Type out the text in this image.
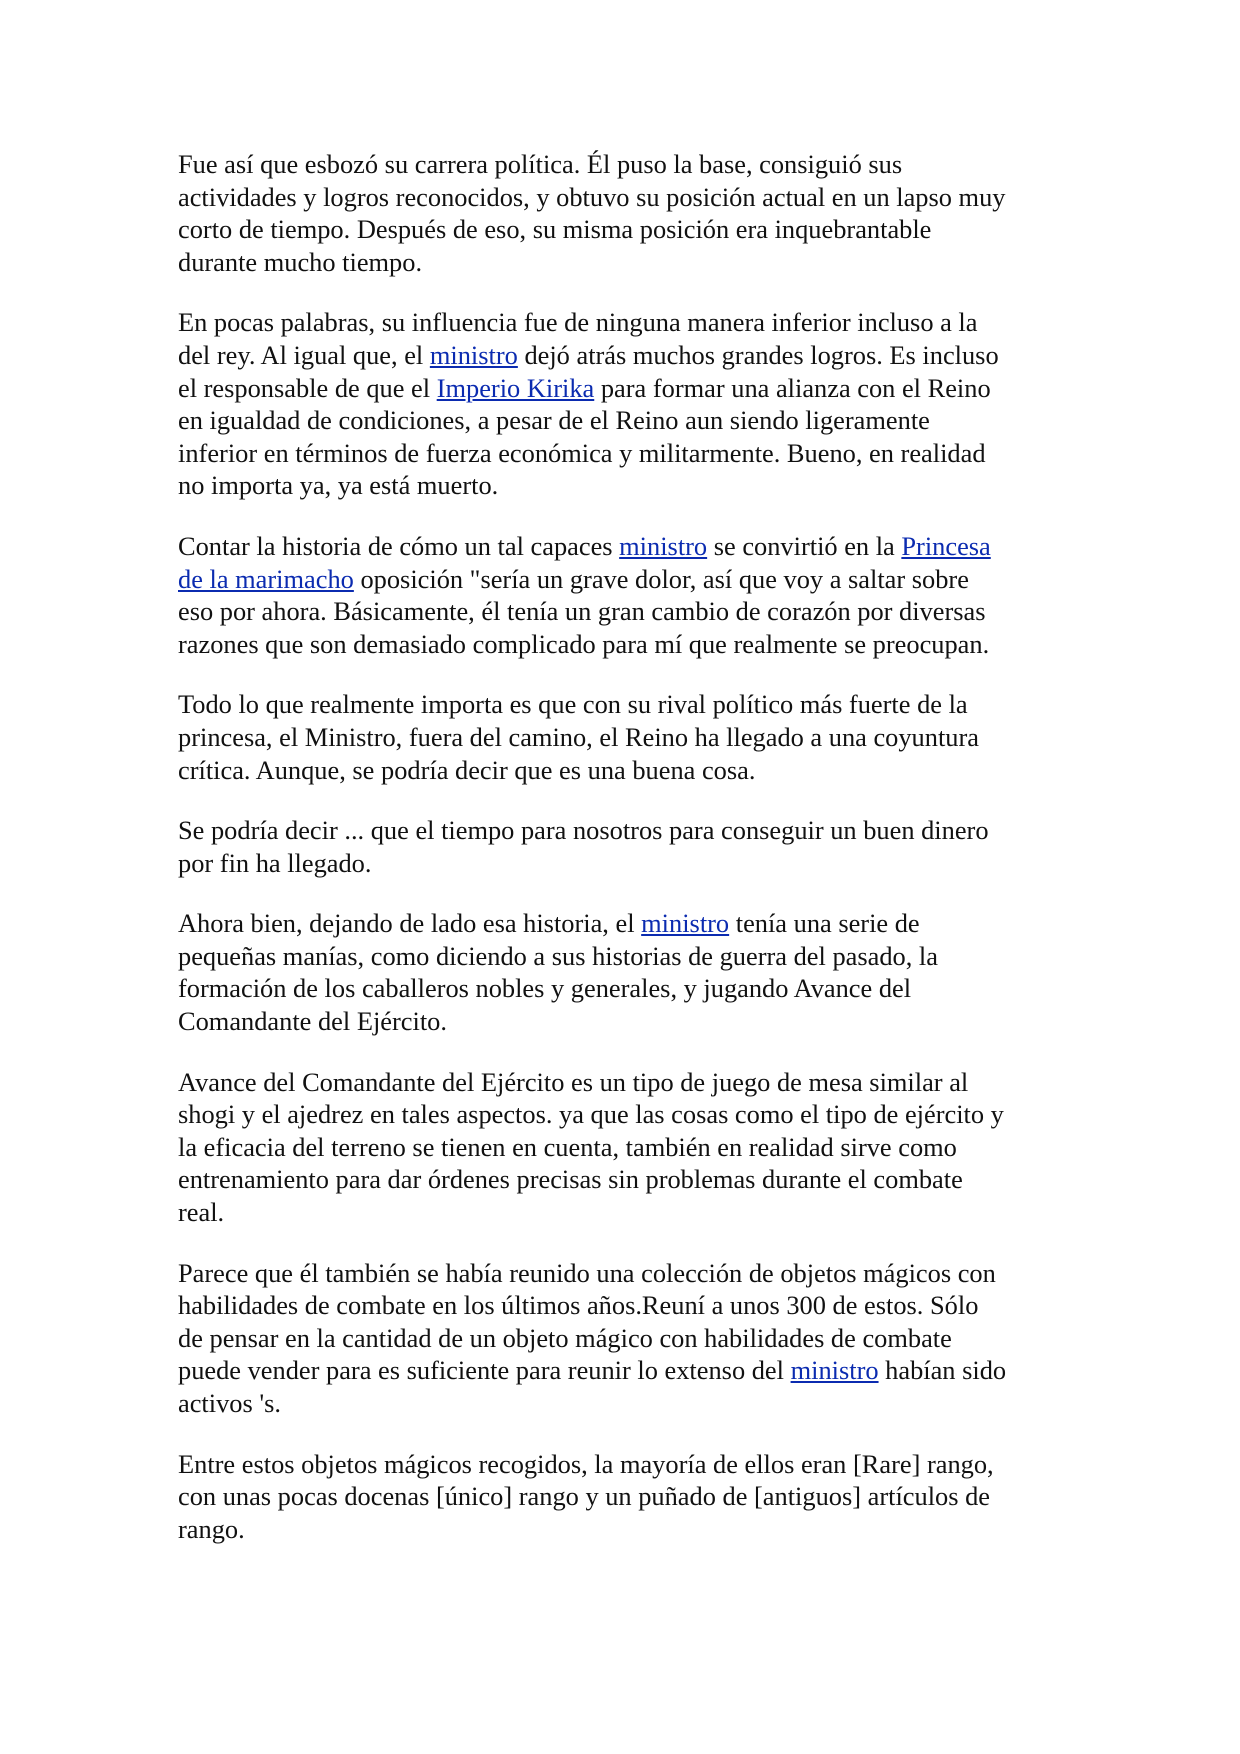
Fue así que esbozó su carrera política. Él puso la base, consiguió sus
actividades y logros reconocidos, y obtuvo su posición actual en un lapso muy
corto de tiempo. Después de eso, su misma posición era inquebrantable
durante mucho tiempo.
En pocas palabras, su influencia fue de ninguna manera inferior incluso a la
del rey. Al igual que, el ministro dejó atrás muchos grandes logros. Es incluso
el responsable de que el Imperio Kirika para formar una alianza con el Reino
en igualdad de condiciones, a pesar de el Reino aun siendo ligeramente
inferior en términos de fuerza económica y militarmente. Bueno, en realidad
no importa ya, ya está muerto.
Contar la historia de cómo un tal capaces ministro se convirtió en la Princesa
de la marimacho oposición "sería un grave dolor, así que voy a saltar sobre
eso por ahora. Básicamente, él tenía un gran cambio de corazón por diversas
razones que son demasiado complicado para mí que realmente se preocupan.
Todo lo que realmente importa es que con su rival político más fuerte de la
princesa, el Ministro, fuera del camino, el Reino ha llegado a una coyuntura
crítica. Aunque, se podría decir que es una buena cosa.
Se podría decir ... que el tiempo para nosotros para conseguir un buen dinero
por fin ha llegado.
Ahora bien, dejando de lado esa historia, el ministro tenía una serie de
pequeñas manías, como diciendo a sus historias de guerra del pasado, la
formación de los caballeros nobles y generales, y jugando Avance del
Comandante del Ejército.
Avance del Comandante del Ejército es un tipo de juego de mesa similar al
shogi y el ajedrez en tales aspectos. ya que las cosas como el tipo de ejército y
la eficacia del terreno se tienen en cuenta, también en realidad sirve como
entrenamiento para dar órdenes precisas sin problemas durante el combate
real.
Parece que él también se había reunido una colección de objetos mágicos con
habilidades de combate en los últimos años.Reuní a unos 300 de estos. Sólo
de pensar en la cantidad de un objeto mágico con habilidades de combate
puede vender para es suficiente para reunir lo extenso del ministro habían sido
activos 's.
Entre estos objetos mágicos recogidos, la mayoría de ellos eran [Rare] rango,
con unas pocas docenas [único] rango y un puñado de [antiguos] artículos de
rango.
